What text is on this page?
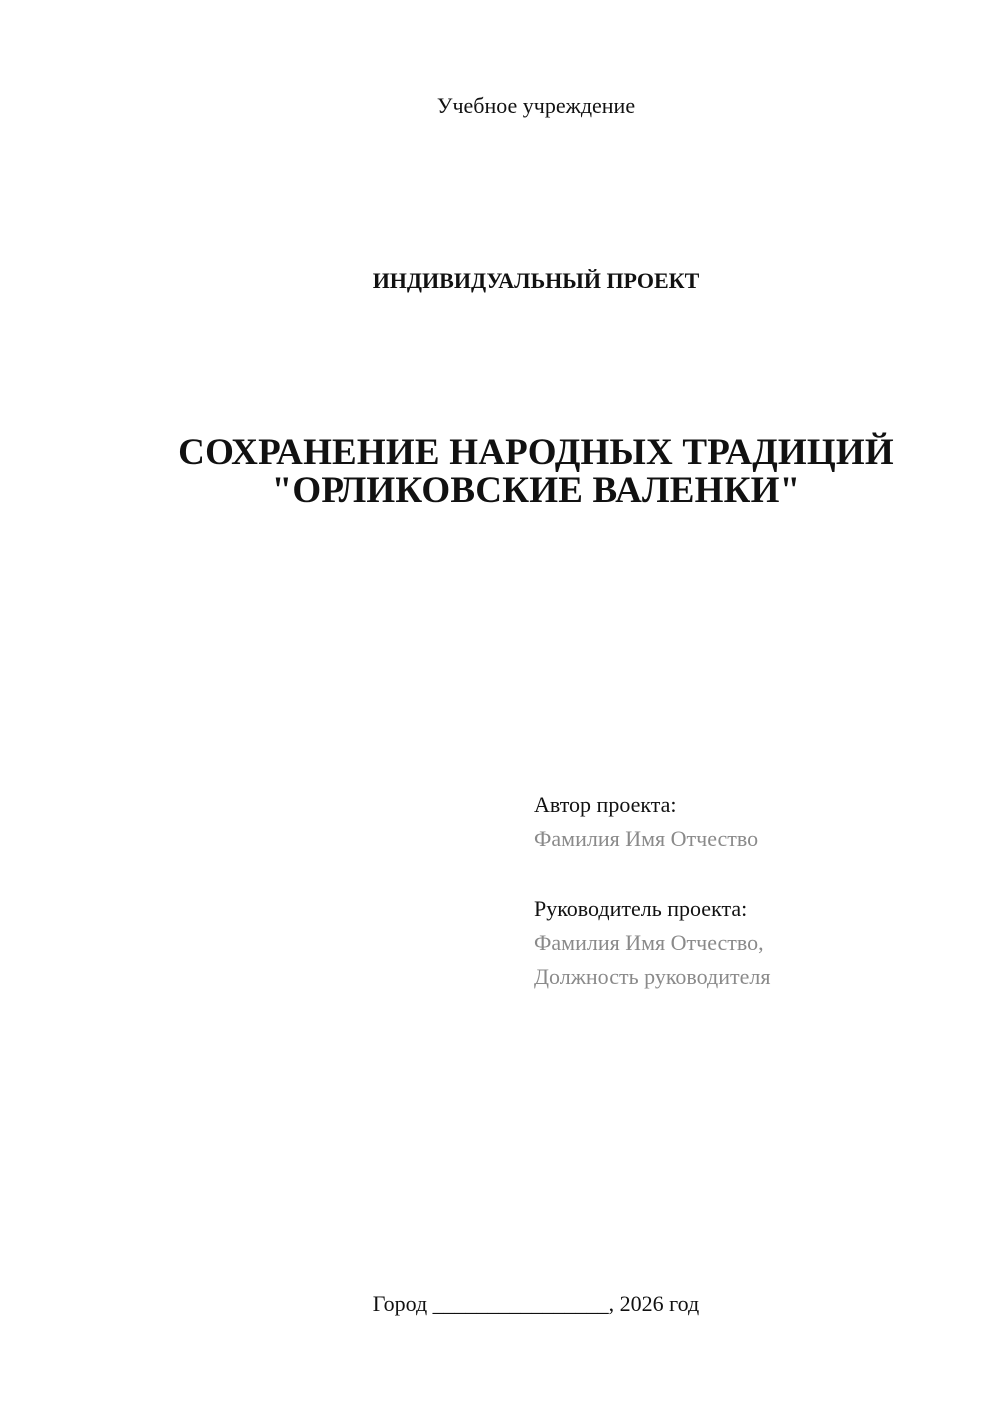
Учебное учреждение
ИНДИВИДУАЛЬНЫЙ ПРОЕКТ
СОХРАНЕНИЕ НАРОДНЫХ ТРАДИЦИЙ
"ОРЛИКОВСКИЕ ВАЛЕНКИ"
Автор проекта:
Фамилия Имя Отчество
Руководитель проекта:
Фамилия Имя Отчество,
Должность руководителя
Город ________________, 2026 год
